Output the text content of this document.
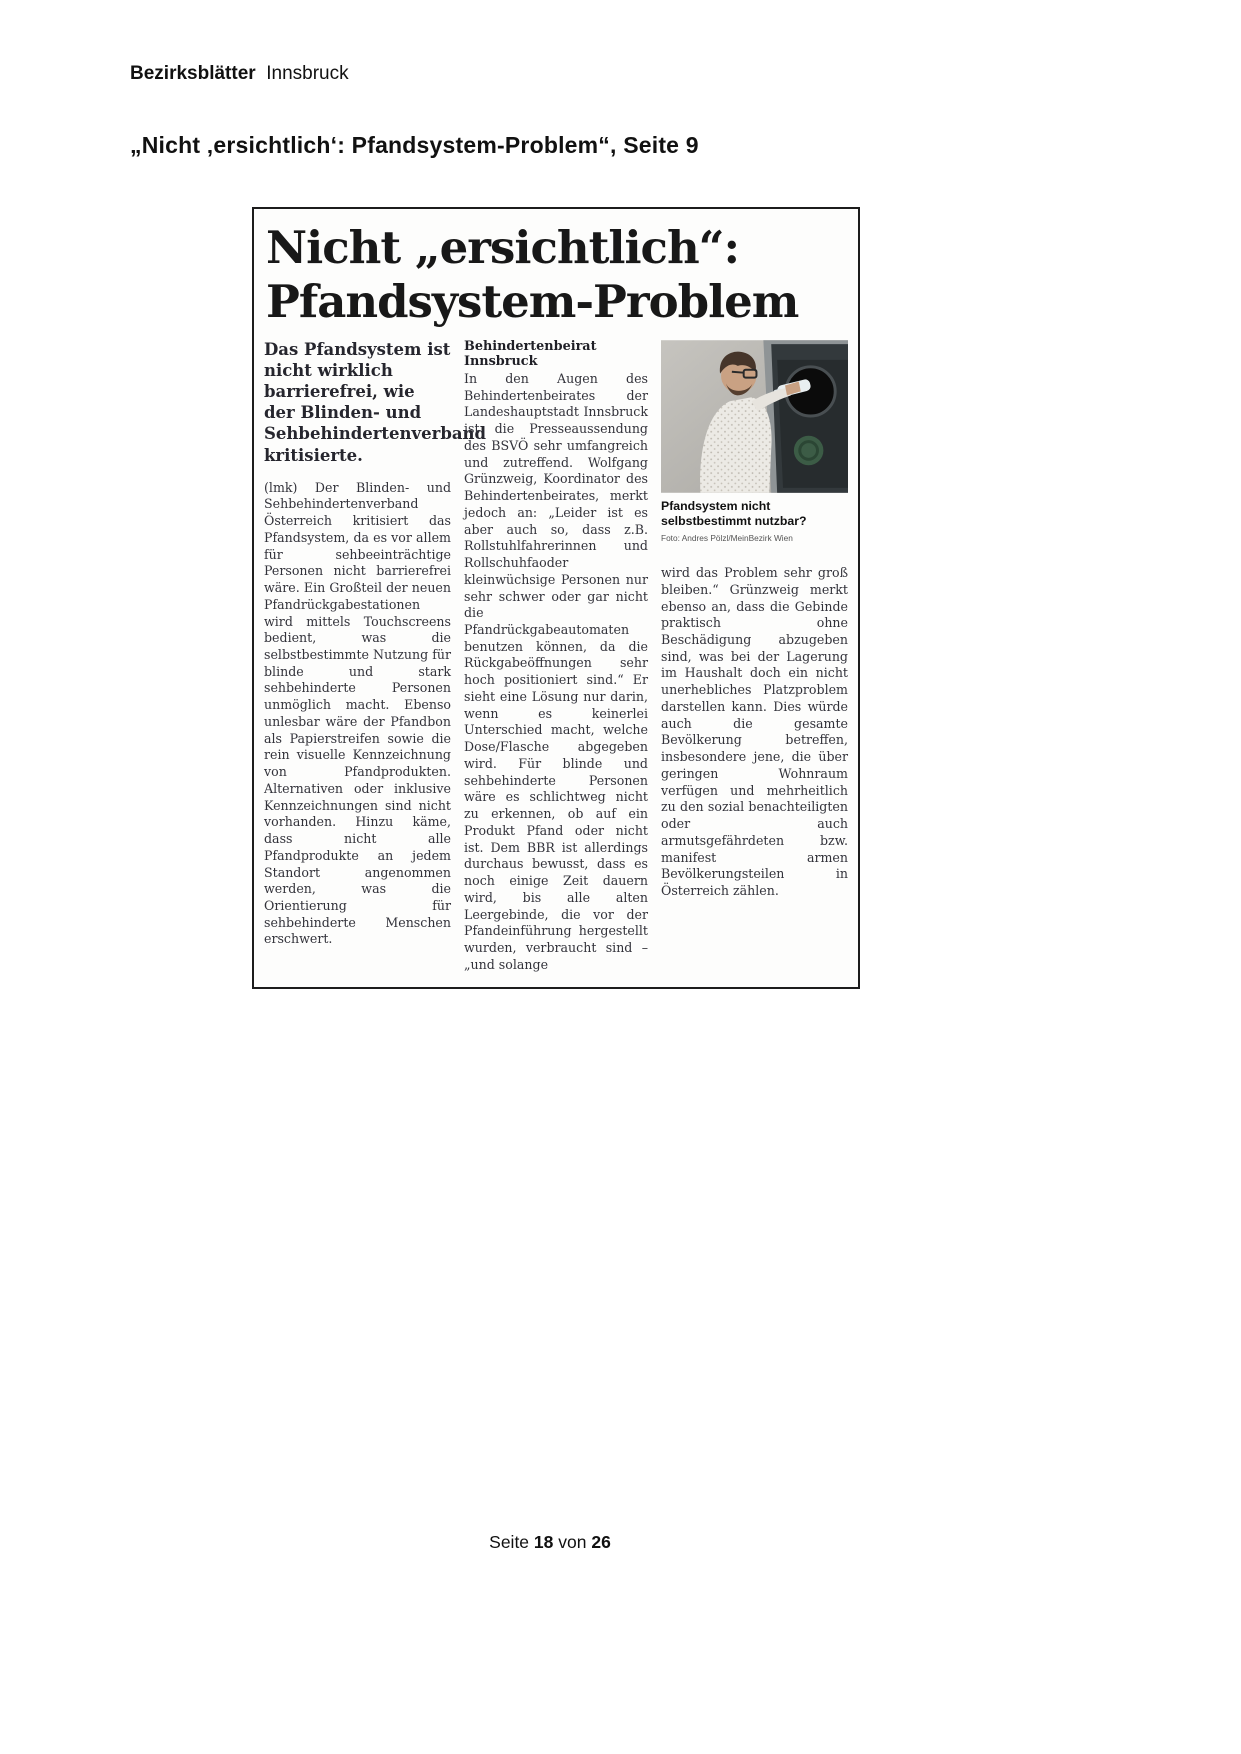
Bezirksblätter Innsbruck
„Nicht ‚ersichtlich‘: Pfandsystem-Problem“, Seite 9
Nicht „ersichtlich“:
Pfandsystem-Problem
Das Pfandsystem ist nicht wirklich barrierefrei, wie der Blinden- und Sehbehindertenverband kritisierte.
(lmk) Der Blinden- und Sehbehindertenverband Österreich kritisiert das Pfandsystem, da es vor allem für sehbeeinträchtige Personen nicht barrierefrei wäre. Ein Großteil der neuen Pfandrückgabestationen wird mittels Touchscreens bedient, was die selbstbestimmte Nutzung für blinde und stark sehbehinderte Personen unmöglich macht. Ebenso unlesbar wäre der Pfandbon als Papierstreifen sowie die rein visuelle Kennzeichnung von Pfandprodukten. Alternativen oder inklusive Kennzeichnungen sind nicht vorhanden. Hinzu käme, dass nicht alle Pfandprodukte an jedem Standort angenommen werden, was die Orientierung für sehbehinderte Menschen erschwert.
Behindertenbeirat Innsbruck
In den Augen des Behindertenbeirates der Landeshauptstadt Innsbruck ist die Presseaussendung des BSVÖ sehr umfangreich und zutreffend. Wolfgang Grünzweig, Koordinator des Behindertenbeirates, merkt jedoch an: „Leider ist es aber auch so, dass z.B. Rollstuhlfahrerinnen und Rollschuhfaoder kleinwüchsige Personen nur sehr schwer oder gar nicht die Pfandrückgabeautomaten benutzen können, da die Rückgabeöffnungen sehr hoch positioniert sind.“ Er sieht eine Lösung nur darin, wenn es keinerlei Unterschied macht, welche Dose/Flasche abgegeben wird. Für blinde und sehbehinderte Personen wäre es schlichtweg nicht zu erkennen, ob auf ein Produkt Pfand oder nicht ist. Dem BBR ist allerdings durchaus bewusst, dass es noch einige Zeit dauern wird, bis alle alten Leergebinde, die vor der Pfandeinführung hergestellt wurden, verbraucht sind – „und solange
Pfandsystem nicht selbstbestimmt nutzbar? Foto: Andres Pölzl/MeinBezirk Wien
wird das Problem sehr groß bleiben.“ Grünzweig merkt ebenso an, dass die Gebinde praktisch ohne Beschädigung abzugeben sind, was bei der Lagerung im Haushalt doch ein nicht unerhebliches Platzproblem darstellen kann. Dies würde auch die gesamte Bevölkerung betreffen, insbesondere jene, die über geringen Wohnraum verfügen und mehrheitlich zu den sozial benachteiligten oder auch armutsgefährdeten bzw. manifest armen Bevölkerungsteilen in Österreich zählen.
Seite 18 von 26
